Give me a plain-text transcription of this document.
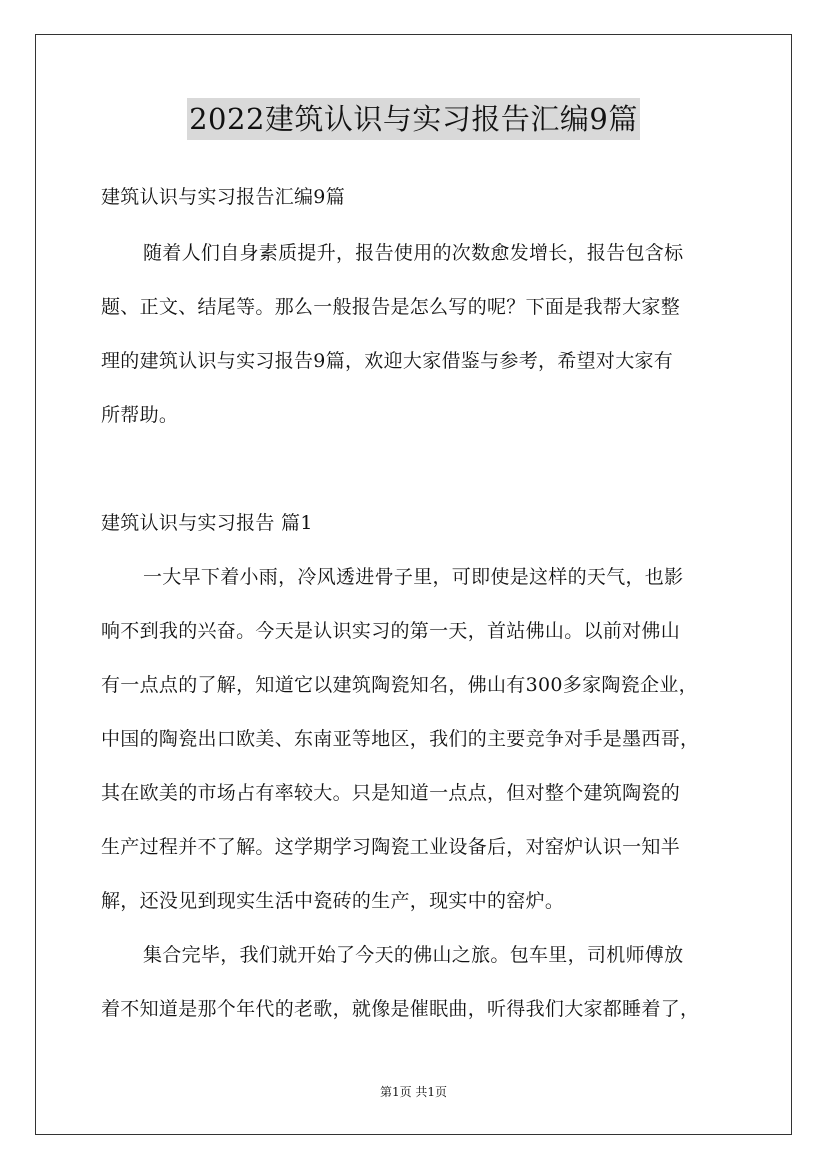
2022建筑认识与实习报告汇编9篇
建筑认识与实习报告汇编9篇
随着人们自身素质提升，报告使用的次数愈发增长，报告包含标
题、正文、结尾等。那么一般报告是怎么写的呢？下面是我帮大家整
理的建筑认识与实习报告9篇，欢迎大家借鉴与参考，希望对大家有
所帮助。
建筑认识与实习报告 篇1
一大早下着小雨，冷风透进骨子里，可即使是这样的天气，也影
响不到我的兴奋。今天是认识实习的第一天，首站佛山。以前对佛山
有一点点的了解，知道它以建筑陶瓷知名，佛山有300多家陶瓷企业，
中国的陶瓷出口欧美、东南亚等地区，我们的主要竞争对手是墨西哥，
其在欧美的市场占有率较大。只是知道一点点，但对整个建筑陶瓷的
生产过程并不了解。这学期学习陶瓷工业设备后，对窑炉认识一知半
解，还没见到现实生活中瓷砖的生产，现实中的窑炉。
集合完毕，我们就开始了今天的佛山之旅。包车里，司机师傅放
着不知道是那个年代的老歌，就像是催眠曲，听得我们大家都睡着了，
第1页 共1页
